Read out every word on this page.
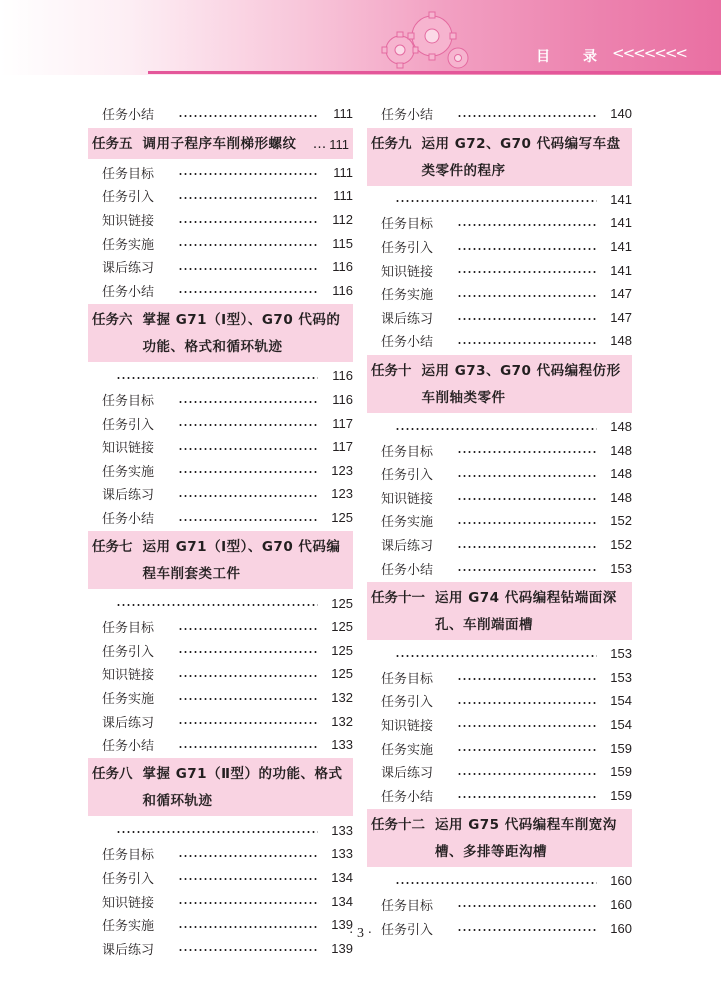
目 录 <<<<<<<
任务小结	111
任务五 调用子程序车削梯形螺纹	… 111
任务目标	111
任务引入	111
知识链接	112
任务实施	115
课后练习	116
任务小结	116
任务六 掌握 G71（Ⅰ型）、G70 代码的功能、格式和循环轨迹
116
任务目标	116
任务引入	117
知识链接	117
任务实施	123
课后练习	123
任务小结	125
任务七 运用 G71（Ⅰ型）、G70 代码编程车削套类工件
125
任务目标	125
任务引入	125
知识链接	125
任务实施	132
课后练习	132
任务小结	133
任务八 掌握 G71（Ⅱ型）的功能、格式和循环轨迹
133
任务目标	133
任务引入	134
知识链接	134
任务实施	139
课后练习	139
任务小结	140
任务九 运用 G72、G70 代码编写车盘类零件的程序
141
任务目标	141
任务引入	141
知识链接	141
任务实施	147
课后练习	147
任务小结	148
任务十 运用 G73、G70 代码编程仿形车削轴类零件
148
任务目标	148
任务引入	148
知识链接	148
任务实施	152
课后练习	152
任务小结	153
任务十一 运用 G74 代码编程钻端面深孔、车削端面槽
153
任务目标	153
任务引入	154
知识链接	154
任务实施	159
课后练习	159
任务小结	159
任务十二 运用 G75 代码编程车削宽沟槽、多排等距沟槽
160
任务目标	160
任务引入	160
· 3 ·
